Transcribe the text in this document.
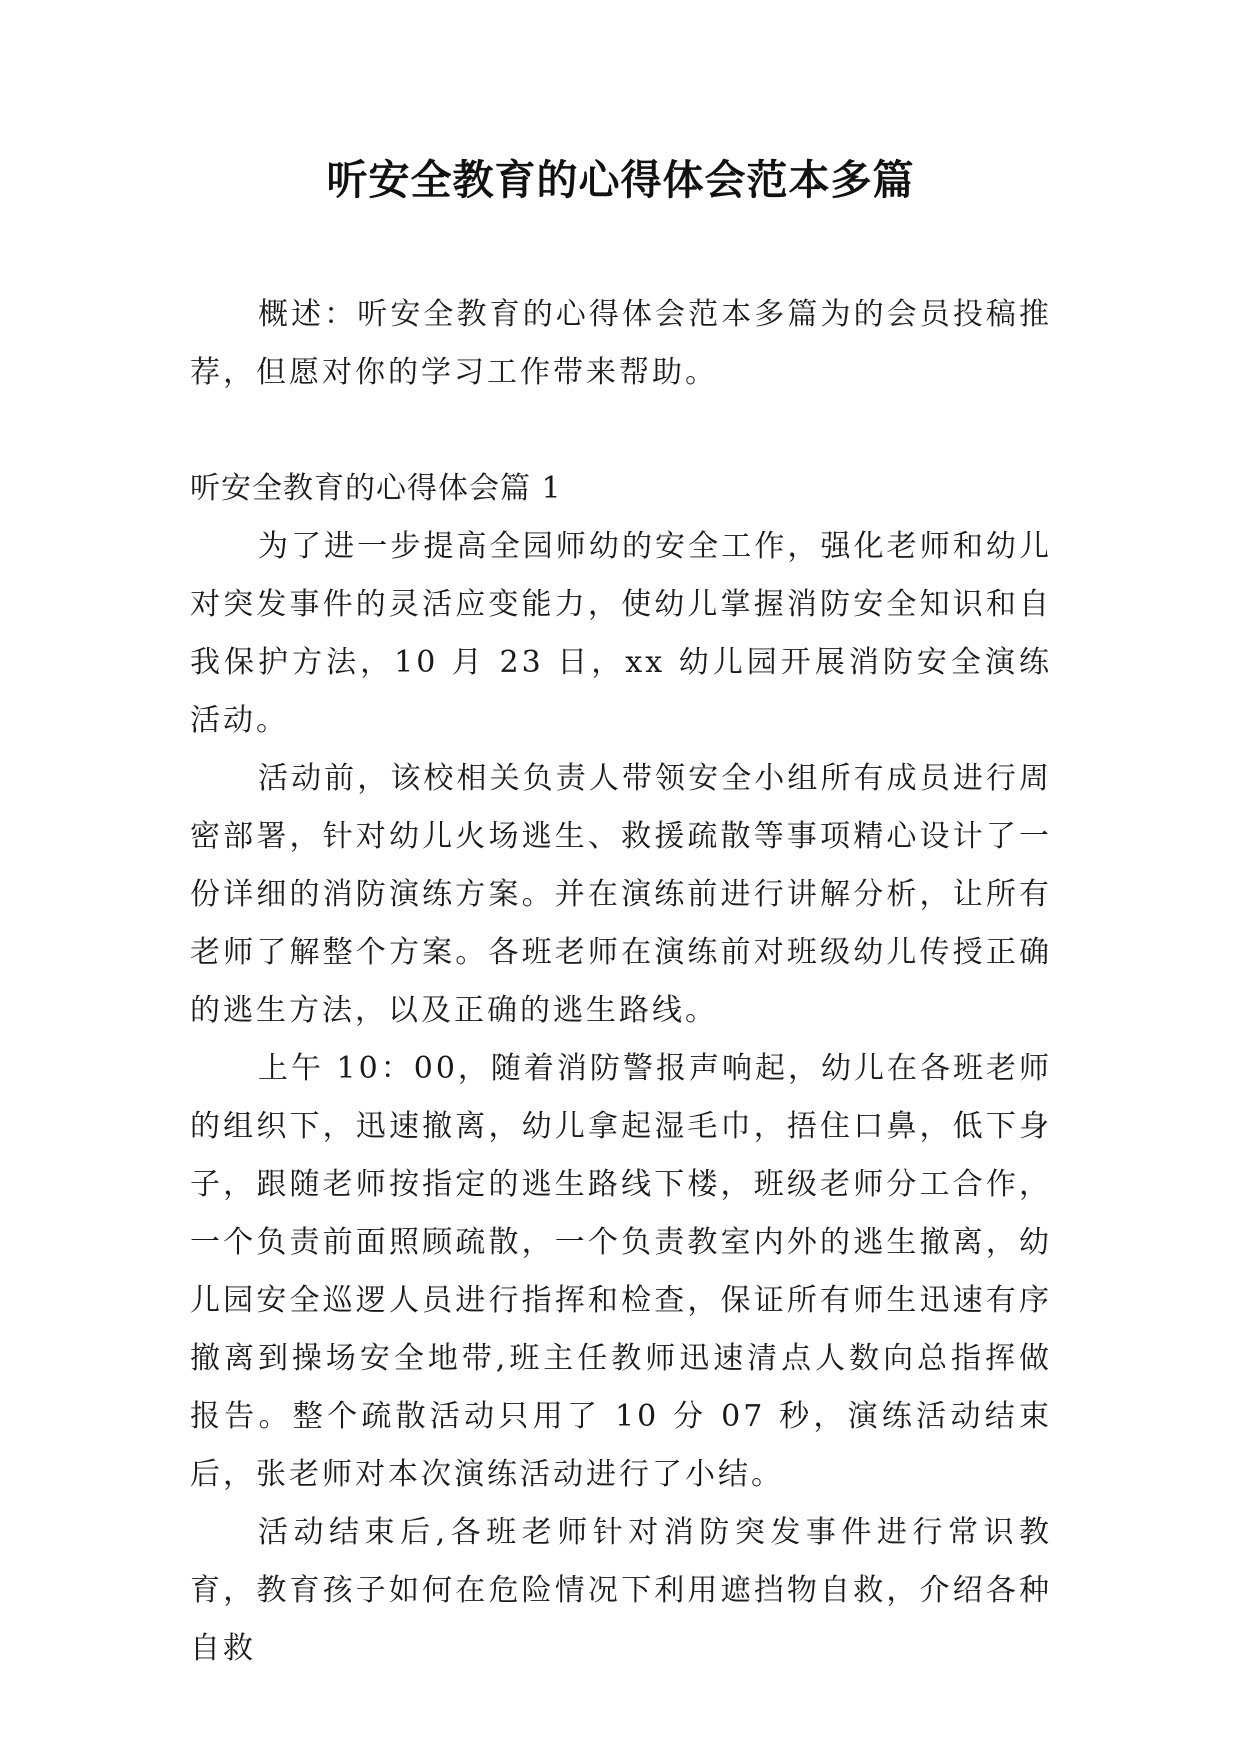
听安全教育的心得体会范本多篇
概述：听安全教育的心得体会范本多篇为的会员投稿推荐，但愿对你的学习工作带来帮助。
听安全教育的心得体会篇 1

为了进一步提高全园师幼的安全工作，强化老师和幼儿对突发事件的灵活应变能力，使幼儿掌握消防安全知识和自我保护方法，10 月 23 日，xx 幼儿园开展消防安全演练活动。

活动前，该校相关负责人带领安全小组所有成员进行周密部署，针对幼儿火场逃生、救援疏散等事项精心设计了一份详细的消防演练方案。并在演练前进行讲解分析，让所有老师了解整个方案。各班老师在演练前对班级幼儿传授正确的逃生方法，以及正确的逃生路线。

上午 10：00，随着消防警报声响起，幼儿在各班老师的组织下，迅速撤离，幼儿拿起湿毛巾，捂住口鼻，低下身子，跟随老师按指定的逃生路线下楼，班级老师分工合作，一个负责前面照顾疏散，一个负责教室内外的逃生撤离，幼儿园安全巡逻人员进行指挥和检查，保证所有师生迅速有序撤离到操场安全地带,班主任教师迅速清点人数向总指挥做报告。整个疏散活动只用了 10 分 07 秒，演练活动结束后，张老师对本次演练活动进行了小结。

活动结束后,各班老师针对消防突发事件进行常识教育，教育孩子如何在危险情况下利用遮挡物自救，介绍各种自救
